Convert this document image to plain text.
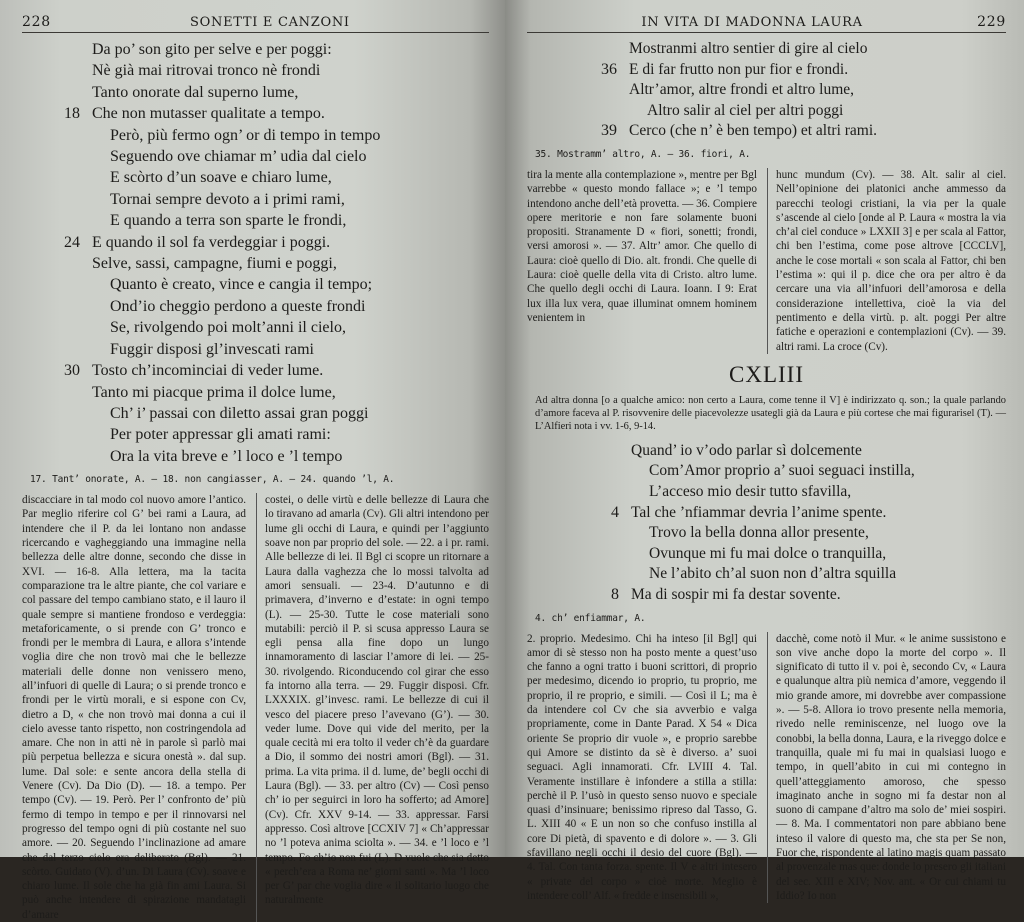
228	SONETTI E CANZONI
Da po’ son gito per selve e per poggi:
Nè già mai ritrovai tronco nè frondi
Tanto onorate dal superno lume,
18 Che non mutasser qualitate a tempo.
Però, più fermo ogn’ or di tempo in tempo
Seguendo ove chiamar m’ udia dal cielo
E scòrto d’un soave e chiaro lume,
Tornai sempre devoto a i primi rami,
E quando a terra son sparte le frondi,
24 E quando il sol fa verdeggiar i poggi.
Selve, sassi, campagne, fiumi e poggi,
Quanto è creato, vince e cangia il tempo;
Ond’io cheggio perdono a queste frondi
Se, rivolgendo poi molt’anni il cielo,
Fuggir disposi gl’invescati rami
30 Tosto ch’incominciai di veder lume.
Tanto mi piacque prima il dolce lume,
Ch’ i’ passai con diletto assai gran poggi
Per poter appressar gli amati rami:
Ora la vita breve e ’l loco e ’l tempo
17. Tant’ onorate, A. — 18. non cangiasser, A. — 24. quando ’l, A.

discacciare in tal modo col nuovo amore l’antico. Par meglio riferire col G’ bei rami a Laura, ad intendere che il P. da lei lontano non andasse ricercando e vagheggiando una immagine nella bellezza delle altre donne, secondo che disse in XVI. — 16-8. Alla lettera, ma la tacita comparazione tra le altre piante, che col variare e col passare del tempo cambiano stato, e il lauro il quale sempre si mantiene frondoso e verdeggia: metaforicamente, o si prende con G’ tronco e frondi per le membra di Laura, e allora s’intende voglia dire che non trovò mai che le bellezze materiali delle donne non venissero meno, all’infuori di quelle di Laura; o si prende tronco e frondi per le virtù morali, e si espone con Cv, dietro a D, « che non trovò mai donna a cui il cielo avesse tanto rispetto, non costringendola ad amare. Che non in atti nè in parole sì parlò mai più perpetua bellezza e sicura onestà ». dal sup. lume. Dal sole: e sente ancora della stella di Venere (Cv). Da Dio (D). — 18. a tempo. Per tempo (Cv). — 19. Però. Per l’ confronto de’ più fermo di tempo in tempo e per il rinnovarsi nel progresso del tempo ogni di più costante nel suo amore. — 20. Seguendo l’inclinazione ad amare che dal terzo cielo era deliberato (Bgl). — 21. scòrto. Guidato (V). d’un. Di Laura (Cv). soave e chiaro lume. Il sole che ha già fin ami Laura. Si può anche intendere di spirazione mandatagli d’amare

costei, o delle virtù e delle bellezze di Laura che lo tiravano ad amarla (Cv). Gli altri intendono per lume gli occhi di Laura, e quindi per l’aggiunto soave non par proprio del sole. — 22. a i pr. rami. Alle bellezze di lei. Il Bgl ci scopre un ritornare a Laura dalla vaghezza che lo mossi talvolta ad amori sensuali. — 23-4. D’autunno e di primavera, d’inverno e d’estate: in ogni tempo (L). — 25-30. Tutte le cose materiali sono mutabili: perciò il P. si scusa appresso Laura se egli pensa alla fine dopo un lungo innamoramento di lasciar l’amore di lei. — 25-30. rivolgendo. Riconducendo col girar che esso fa intorno alla terra. — 29. Fuggir disposi. Cfr. LXXXIX. gl’invesc. rami. Le bellezze di cui il vesco del piacere preso l’avevano (G’). — 30. veder lume. Dove qui vide del merito, per la quale cecità mi era tolto il veder ch’è da guardare a Dio, il sommo dei nostri amori (Bgl). — 31. prima. La vita prima. il d. lume, de’ begli occhi di Laura (Bgl). — 33. per altro (Cv) — Così penso ch’ io per seguirci in loro ha sofferto; ad Amore] (Cv). Cfr. XXV 9-14. — 33. appressar. Farsi appresso. Così altrove [CCXIV 7] « Ch’appressar no ’l poteva anima sciolta ». — 34. e ’l loco e ’l tempo. Fo ch’io non fui (L). D vuole che sia detto « perch’era a Roma ne’ giorni santi ». Ma ’l loco per G’ par che voglia dire « il solitario luogo che naturalmente

IN VITA DI MADONNA LAURA	229
Mostranmi altro sentier di gire al cielo
36 E di far frutto non pur fior e frondi.
Altr’amor, altre frondi et altro lume,
Altro salir al ciel per altri poggi
39 Cerco (che n’ è ben tempo) et altri rami.
35. Mostramm’ altro, A. — 36. fiori, A.

tira la mente alla contemplazione », mentre per Bgl varrebbe « questo mondo fallace »; e ’l tempo intendono anche dell’età provetta. — 36. Compiere opere meritorie e non fare solamente buoni propositi. Stranamente D « fiori, sonetti; frondi, versi amorosi ». — 37. Altr’ amor. Che quello di Laura: cioè quello di Dio. alt. frondi. Che quelle di Laura: cioè quelle della vita di Cristo. altro lume. Che quello degli occhi di Laura. Ioann. I 9: Erat lux illa lux vera, quae illuminat omnem hominem venientem in

hunc mundum (Cv). — 38. Alt. salir al ciel. Nell’opinione dei platonici anche ammesso da parecchi teologi cristiani, la via per la quale s’ascende al cielo [onde al P. Laura « mostra la via ch’al ciel conduce » LXXII 3] e per scala al Fattor, chi ben l’estima, come pose altrove [CCCLV], anche le cose mortali « son scala al Fattor, chi ben l’estima »: qui il p. dice che ora per altro è da cercare una via all’infuori dell’amorosa e della considerazione intellettiva, cioè la via del pentimento e della virtù. p. alt. poggi Per altre fatiche e operazioni e contemplazioni (Cv). — 39. altri rami. La croce (Cv).

CXLIII
Ad altra donna [o a qualche amico: non certo a Laura, come tenne il V] è indirizzato q. son.; la quale parlando d’amore faceva al P. risovvenire delle piacevolezze usategli già da Laura e più cortese che mai figurarisel (T). — L’Alfieri nota i vv. 1-6, 9-14.
Quand’ io v’odo parlar sì dolcemente
Com’Amor proprio a’ suoi seguaci instilla,
L’acceso mio desir tutto sfavilla,
4 Tal che ’nfiammar devria l’anime spente.
Trovo la bella donna allor presente,
Ovunque mi fu mai dolce o tranquilla,
Ne l’abito ch’al suon non d’altra squilla
8 Ma di sospir mi fa destar sovente.
4. ch’ enfiammar, A.

2. proprio. Medesimo. Chi ha inteso [il Bgl] qui amor di sè stesso non ha posto mente a quest’uso che fanno a ogni tratto i buoni scrittori, di proprio per medesimo, dicendo io proprio, tu proprio, me proprio, il re proprio, e simili. — Così il L; ma è da intendere col Cv che sia avverbio e valga propriamente, come in Dante Parad. X 54 « Dica oriente Se proprio dir vuole », e proprio sarebbe qui Amore se distinto da sè è diverso. a’ suoi seguaci. Agli innamorati. Cfr. LVIII 4. Tal. Veramente instillare è infondere a stilla a stilla: perchè il P. l’usò in questo senso nuovo e speciale quasi d’insinuare; benissimo ripreso dal Tasso, G. L. XIII 40 « E un non so che confuso instilla al core Di pietà, di spavento e di dolore ». — 3. Gli sfavillano negli occhi il desio del cuore (Bgl). — 4. Tal. Con tanta forza. spente. Il V e altri intesero « private del corpo » cioè morte. Meglio è intendere coll’ Alf. « fredde e insensibili »,

dacchè, come notò il Mur. « le anime sussistono e son vive anche dopo la morte del corpo ». Il significato di tutto il v. poi è, secondo Cv, « Laura e qualunque altra più nemica d’amore, veggendo il mio grande amore, mi dovrebbe aver compassione ». — 5-8. Allora io trovo presente nella memoria, rivedo nelle reminiscenze, nel luogo ove la conobbi, la bella donna, Laura, e la riveggo dolce e tranquilla, quale mi fu mai in qualsiasi luogo e tempo, in quell’abito in cui mi contegno in quell’atteggiamento amoroso, che spesso imaginato anche in sogno mi fa destar non al suono di campane d’altro ma solo de’ miei sospiri. — 8. Ma. I commentatori non pare abbiano bene inteso il valore di questo ma, che sta per Se non, Fuor che, rispondente al latino magis quam passato al provenzale mas que: donde lo presero gli italiani del sec. XIII e XIV; Nov. ant. « Or cui chiami tu Iddio? Io non
